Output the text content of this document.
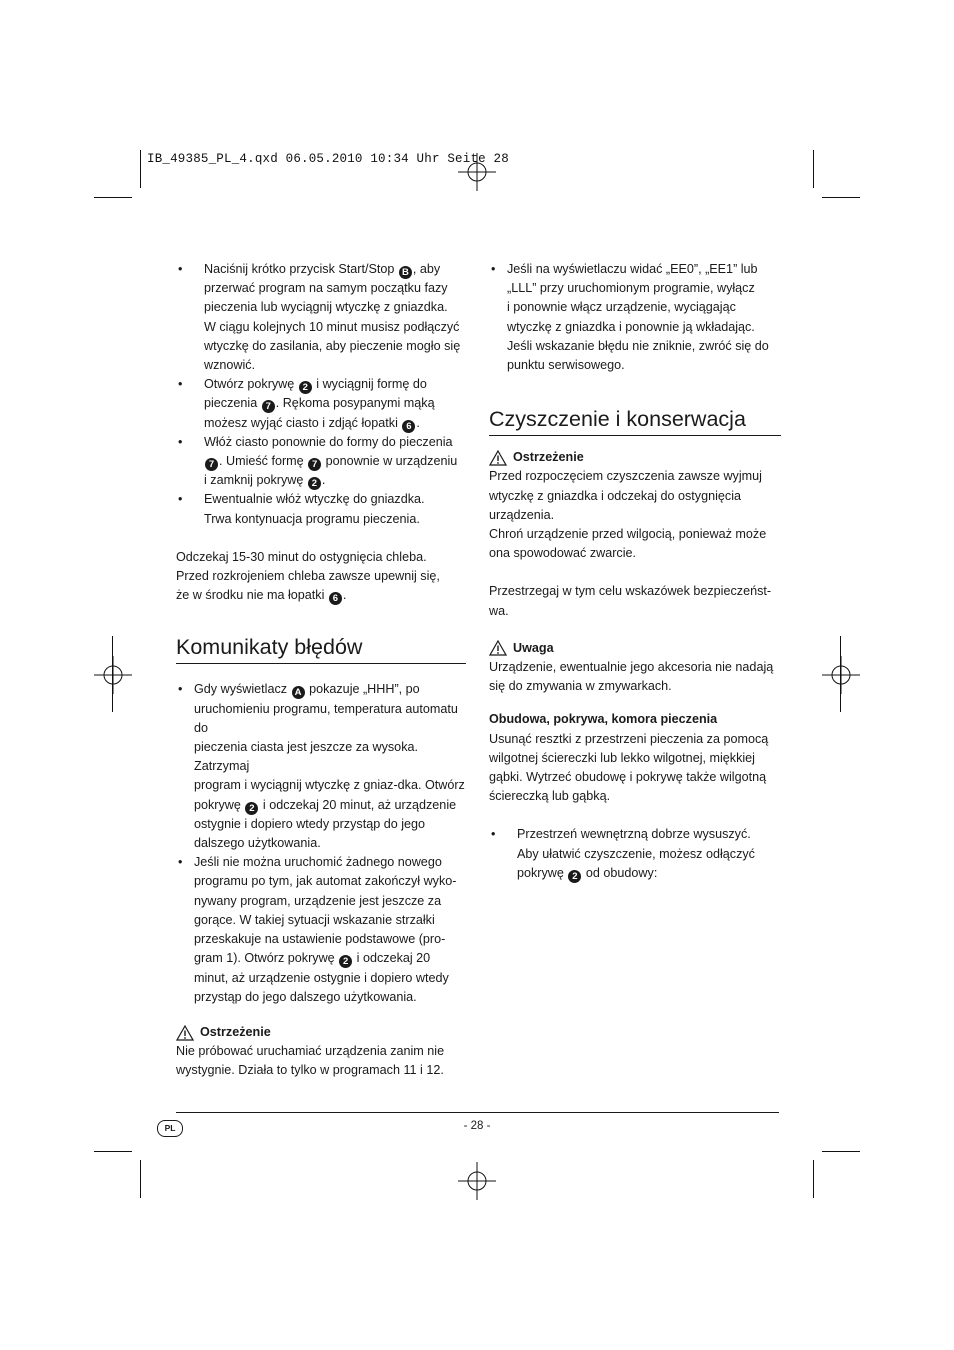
IB_49385_PL_4.qxd 06.05.2010 10:34 Uhr Seite 28
• Naciśnij krótko przycisk Start/Stop B , aby
przerwać program na samym początku fazy
pieczenia lub wyciągnij wtyczkę z gniazdka.
W ciągu kolejnych 10 minut musisz podłączyć
wtyczkę do zasilania, aby pieczenie mogło się
wznowić.
• Otwórz pokrywę 2 i wyciągnij formę do
pieczenia 7 . Rękoma posypanymi mąką
możesz wyjąć ciasto i zdjąć łopatki 6 .
• Włóż ciasto ponownie do formy do pieczenia
7 . Umieść formę 7 ponownie w urządzeniu
i zamknij pokrywę 2 .
• Ewentualnie włóż wtyczkę do gniazdka.
Trwa kontynuacja programu pieczenia.

Odczekaj 15-30 minut do ostygnięcia chleba.
Przed rozkrojeniem chleba zawsze upewnij się,
że w środku nie ma łopatki 6 .

Komunikaty błędów
• Gdy wyświetlacz A pokazuje „HHH”, po
uruchomieniu programu, temperatura automatu do
pieczenia ciasta jest jeszcze za wysoka. Zatrzymaj
program i wyciągnij wtyczkę z gniaz-dka. Otwórz
pokrywę 2 i odczekaj 20 minut, aż urządzenie
ostygnie i dopiero wtedy przystąp do jego
dalszego użytkowania.
• Jeśli nie można uruchomić żadnego nowego
programu po tym, jak automat zakończył wyko-
nywany program, urządzenie jest jeszcze za
gorące. W takiej sytuacji wskazanie strzałki
przeskakuje na ustawienie podstawowe (pro-
gram 1). Otwórz pokrywę 2 i odczekaj 20
minut, aż urządzenie ostygnie i dopiero wtedy
przystąp do jego dalszego użytkowania.
Ostrzeżenie

Nie próbować uruchamiać urządzenia zanim nie
wystygnie. Działa to tylko w programach 11 i 12.

• Jeśli na wyświetlaczu widać „EE0”, „EE1” lub
„LLL” przy uruchomionym programie, wyłącz
i ponownie włącz urządzenie, wyciągając
wtyczkę z gniazdka i ponownie ją wkładając.
Jeśli wskazanie błędu nie zniknie, zwróć się do
punktu serwisowego.
Czyszczenie i konserwacja
Ostrzeżenie

Przed rozpoczęciem czyszczenia zawsze wyjmuj
wtyczkę z gniazdka i odczekaj do ostygnięcia
urządzenia.
Chroń urządzenie przed wilgocią, ponieważ może
ona spowodować zwarcie.

Przestrzegaj w tym celu wskazówek bezpieczeńst-
wa.

Uwaga

Urządzenie, ewentualnie jego akcesoria nie nadają
się do zmywania w zmywarkach.

Obudowa, pokrywa, komora pieczenia

Usunąć resztki z przestrzeni pieczenia za pomocą
wilgotnej ściereczki lub lekko wilgotnej, miękkiej
gąbki. Wytrzeć obudowę i pokrywę także wilgotną
ściereczką lub gąbką.

• Przestrzeń wewnętrzną dobrze wysuszyć.
Aby ułatwić czyszczenie, możesz odłączyć
pokrywę 2 od obudowy:
PL	- 28 -
